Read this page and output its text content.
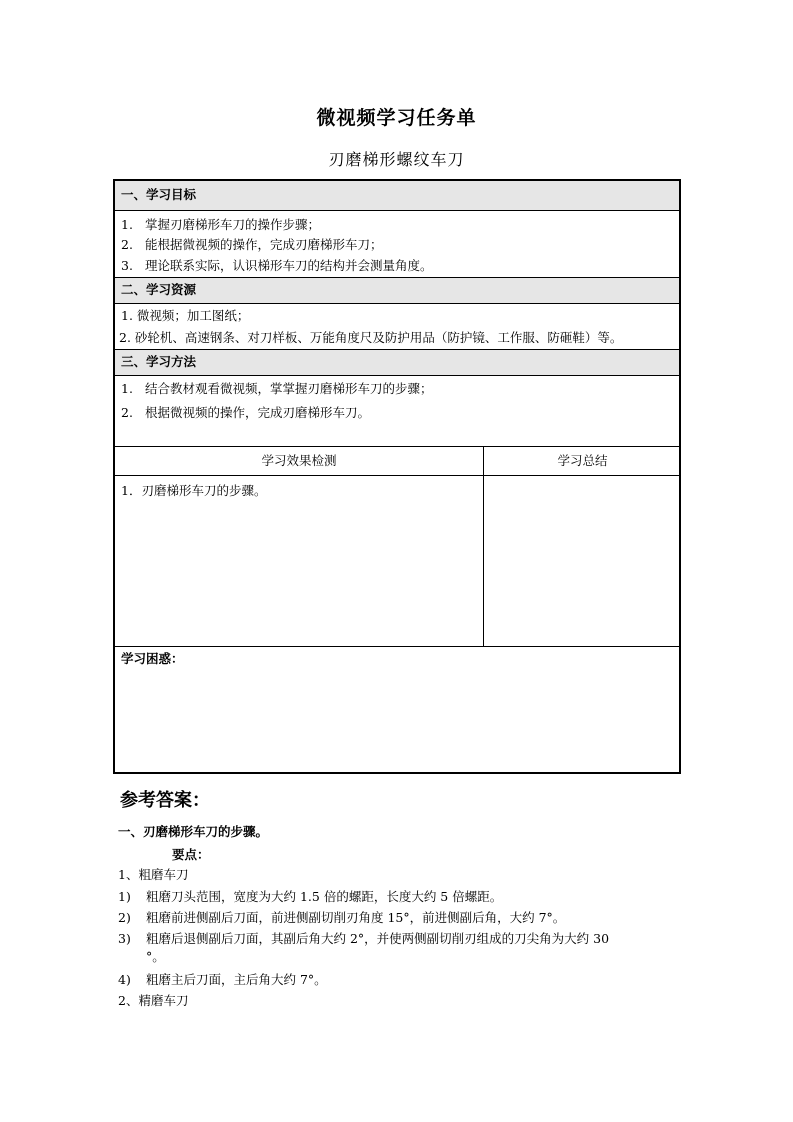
微视频学习任务单
刃磨梯形螺纹车刀
一、学习目标
1. 掌握刃磨梯形车刀的操作步骤；
2. 能根据微视频的操作，完成刃磨梯形车刀；
3. 理论联系实际，认识梯形车刀的结构并会测量角度。
二、学习资源
1. 微视频；加工图纸；
2. 砂轮机、高速钢条、对刀样板、万能角度尺及防护用品（防护镜、工作服、防砸鞋）等。
三、学习方法
1. 结合教材观看微视频，掌掌握刃磨梯形车刀的步骤；
2. 根据微视频的操作，完成刃磨梯形车刀。
学习效果检测	学习总结
1．刃磨梯形车刀的步骤。
学习困惑：
参考答案：
一、刃磨梯形车刀的步骤。
要点：
1、粗磨车刀
1) 粗磨刀头范围，宽度为大约 1.5 倍的螺距，长度大约 5 倍螺距。
2) 粗磨前进侧副后刀面，前进侧副切削刃角度 15°，前进侧副后角，大约 7°。
3) 粗磨后退侧副后刀面，其副后角大约 2°，并使两侧副切削刃组成的刀尖角为大约 30
°。
4) 粗磨主后刀面，主后角大约 7°。
2、精磨车刀
